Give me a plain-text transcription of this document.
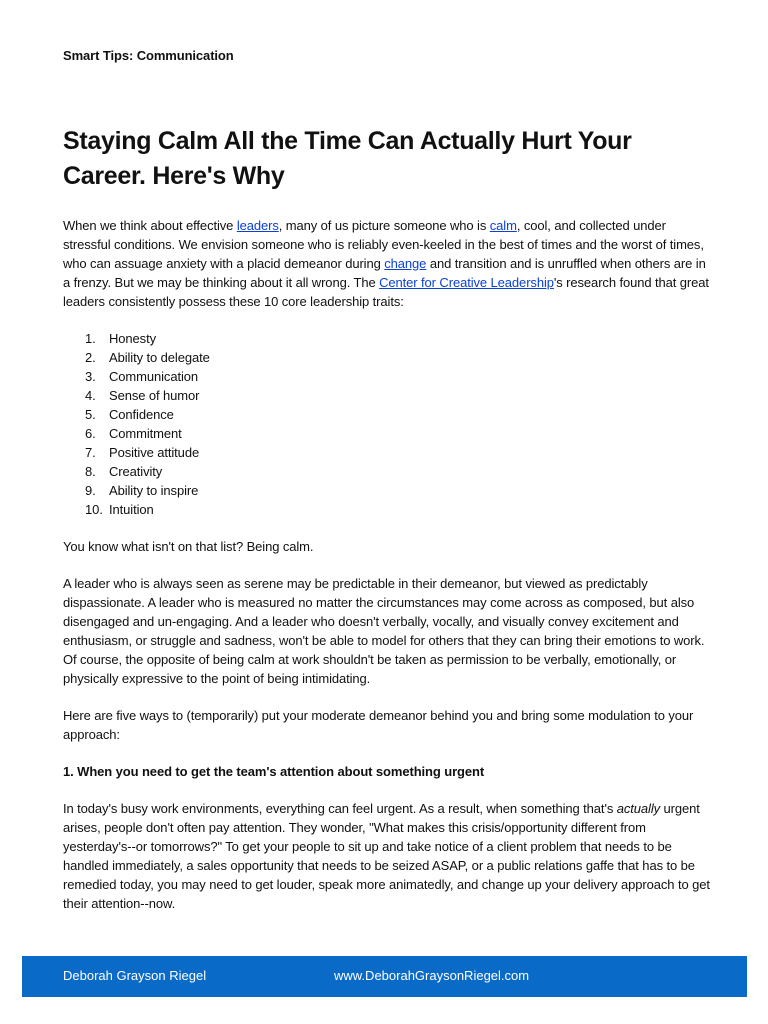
Smart Tips: Communication
Staying Calm All the Time Can Actually Hurt Your Career. Here's Why

When we think about effective leaders, many of us picture someone who is calm, cool, and collected under stressful conditions. We envision someone who is reliably even-keeled in the best of times and the worst of times, who can assuage anxiety with a placid demeanor during change and transition and is unruffled when others are in a frenzy. But we may be thinking about it all wrong. The Center for Creative Leadership's research found that great leaders consistently possess these 10 core leadership traits:

1.	Honesty
2.	Ability to delegate
3.	Communication
4.	Sense of humor
5.	Confidence
6.	Commitment
7.	Positive attitude
8.	Creativity
9.	Ability to inspire
10. Intuition

You know what isn't on that list? Being calm.

A leader who is always seen as serene may be predictable in their demeanor, but viewed as predictably dispassionate. A leader who is measured no matter the circumstances may come across as composed, but also disengaged and un-engaging. And a leader who doesn't verbally, vocally, and visually convey excitement and enthusiasm, or struggle and sadness, won't be able to model for others that they can bring their emotions to work. Of course, the opposite of being calm at work shouldn't be taken as permission to be verbally, emotionally, or physically expressive to the point of being intimidating.

Here are five ways to (temporarily) put your moderate demeanor behind you and bring some modulation to your approach:

1. When you need to get the team's attention about something urgent

In today's busy work environments, everything can feel urgent. As a result, when something that's actually urgent arises, people don't often pay attention. They wonder, "What makes this crisis/opportunity different from yesterday's--or tomorrows?" To get your people to sit up and take notice of a client problem that needs to be handled immediately, a sales opportunity that needs to be seized ASAP, or a public relations gaffe that has to be remedied today, you may need to get louder, speak more animatedly, and change up your delivery approach to get their attention--now.

Deborah Grayson Riegel	www.DeborahGraysonRiegel.com
